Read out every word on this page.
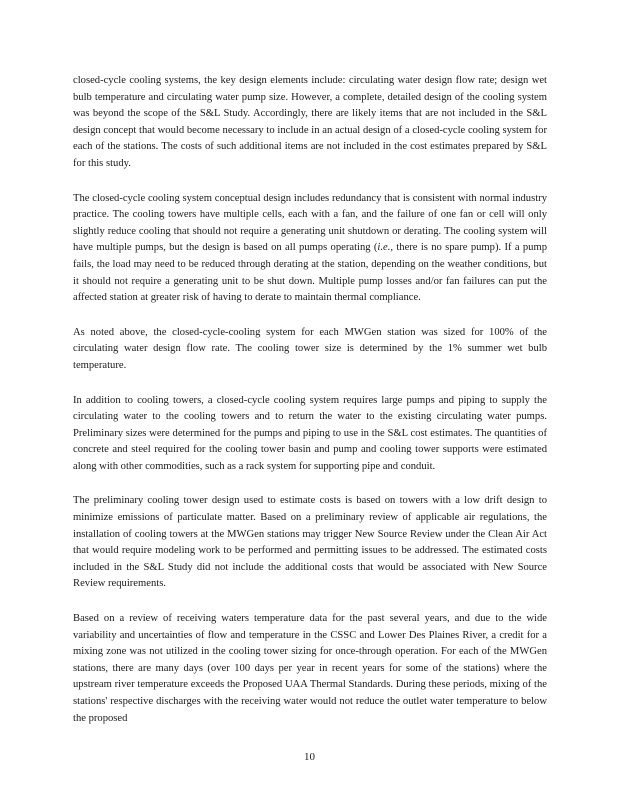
closed-cycle cooling systems, the key design elements include: circulating water design flow rate; design wet bulb temperature and circulating water pump size. However, a complete, detailed design of the cooling system was beyond the scope of the S&L Study. Accordingly, there are likely items that are not included in the S&L design concept that would become necessary to include in an actual design of a closed-cycle cooling system for each of the stations. The costs of such additional items are not included in the cost estimates prepared by S&L for this study.

The closed-cycle cooling system conceptual design includes redundancy that is consistent with normal industry practice. The cooling towers have multiple cells, each with a fan, and the failure of one fan or cell will only slightly reduce cooling that should not require a generating unit shutdown or derating. The cooling system will have multiple pumps, but the design is based on all pumps operating (i.e., there is no spare pump). If a pump fails, the load may need to be reduced through derating at the station, depending on the weather conditions, but it should not require a generating unit to be shut down. Multiple pump losses and/or fan failures can put the affected station at greater risk of having to derate to maintain thermal compliance.

As noted above, the closed-cycle-cooling system for each MWGen station was sized for 100% of the circulating water design flow rate. The cooling tower size is determined by the 1% summer wet bulb temperature.

In addition to cooling towers, a closed-cycle cooling system requires large pumps and piping to supply the circulating water to the cooling towers and to return the water to the existing circulating water pumps. Preliminary sizes were determined for the pumps and piping to use in the S&L cost estimates. The quantities of concrete and steel required for the cooling tower basin and pump and cooling tower supports were estimated along with other commodities, such as a rack system for supporting pipe and conduit.

The preliminary cooling tower design used to estimate costs is based on towers with a low drift design to minimize emissions of particulate matter. Based on a preliminary review of applicable air regulations, the installation of cooling towers at the MWGen stations may trigger New Source Review under the Clean Air Act that would require modeling work to be performed and permitting issues to be addressed. The estimated costs included in the S&L Study did not include the additional costs that would be associated with New Source Review requirements.

Based on a review of receiving waters temperature data for the past several years, and due to the wide variability and uncertainties of flow and temperature in the CSSC and Lower Des Plaines River, a credit for a mixing zone was not utilized in the cooling tower sizing for once-through operation. For each of the MWGen stations, there are many days (over 100 days per year in recent years for some of the stations) where the upstream river temperature exceeds the Proposed UAA Thermal Standards. During these periods, mixing of the stations' respective discharges with the receiving water would not reduce the outlet water temperature to below the proposed

10
